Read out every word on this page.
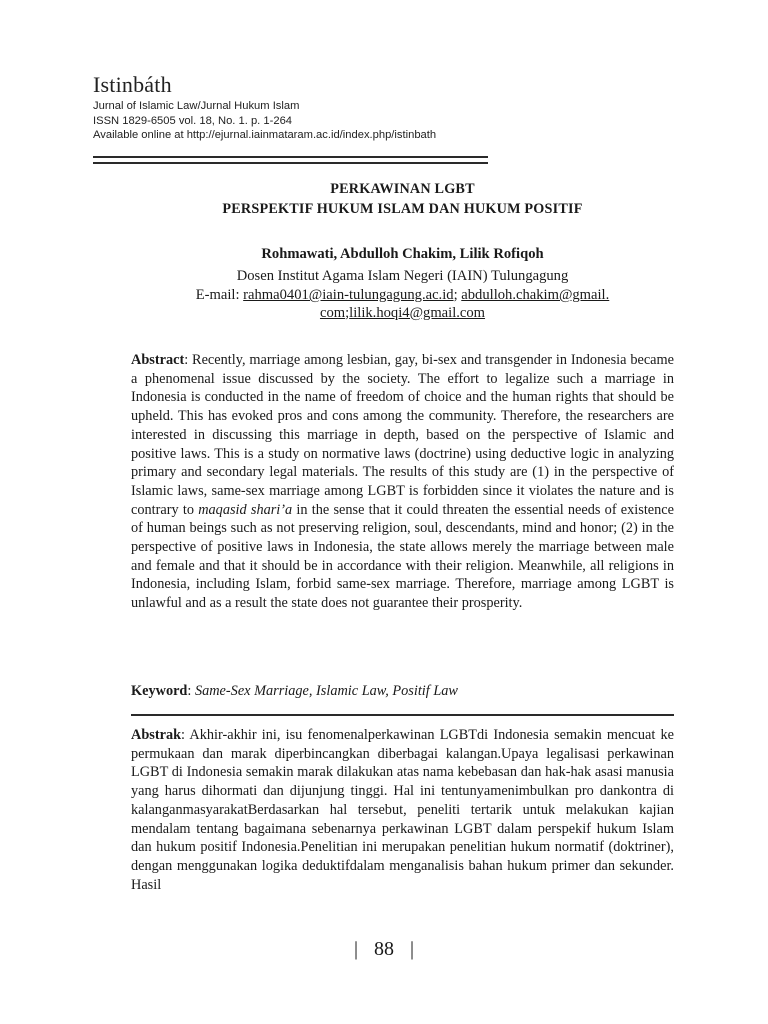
Istinbáth
Jurnal of Islamic Law/Jurnal Hukum Islam
ISSN 1829-6505 vol. 18, No. 1. p. 1-264
Available online at http://ejurnal.iainmataram.ac.id/index.php/istinbath
PERKAWINAN LGBT
PERSPEKTIF HUKUM ISLAM DAN HUKUM POSITIF
Rohmawati, Abdulloh Chakim, Lilik Rofiqoh
Dosen Institut Agama Islam Negeri (IAIN) Tulungagung
E-mail: rahma0401@iain-tulungagung.ac.id; abdulloh.chakim@gmail.
com;lilik.hoqi4@gmail.com
Abstract: Recently, marriage among lesbian, gay, bi-sex and transgender in Indonesia became a phenomenal issue discussed by the society. The effort to legalize such a marriage in Indonesia is conducted in the name of freedom of choice and the human rights that should be upheld. This has evoked pros and cons among the community. Therefore, the researchers are interested in discussing this marriage in depth, based on the perspective of Islamic and positive laws. This is a study on normative laws (doctrine) using deductive logic in analyzing primary and secondary legal materials. The results of this study are (1) in the perspective of Islamic laws, same-sex marriage among LGBT is forbidden since it violates the nature and is contrary to maqasid shari’a in the sense that it could threaten the essential needs of existence of human beings such as not preserving religion, soul, descendants, mind and honor; (2) in the perspective of positive laws in Indonesia, the state allows merely the marriage between male and female and that it should be in accordance with their religion. Meanwhile, all religions in Indonesia, including Islam, forbid same-sex marriage. Therefore, marriage among LGBT is unlawful and as a result the state does not guarantee their prosperity.
Keyword: Same-Sex Marriage, Islamic Law, Positif Law
Abstrak: Akhir-akhir ini, isu fenomenalperkawinan LGBTdi Indonesia semakin mencuat ke permukaan dan marak diperbincangkan diberbagai kalangan.Upaya legalisasi perkawinan LGBT di Indonesia semakin marak dilakukan atas nama kebebasan dan hak-hak asasi manusia yang harus dihormati dan dijunjung tinggi. Hal ini tentunyamenimbulkan pro dankontra di kalanganmasyarakatBerdasarkan hal tersebut, peneliti tertarik untuk melakukan kajian mendalam tentang bagaimana sebenarnya perkawinan LGBT dalam perspekif hukum Islam dan hukum positif Indonesia.Penelitian ini merupakan penelitian hukum normatif (doktriner), dengan menggunakan logika deduktifdalam menganalisis bahan hukum primer dan sekunder. Hasil
| 88 |
